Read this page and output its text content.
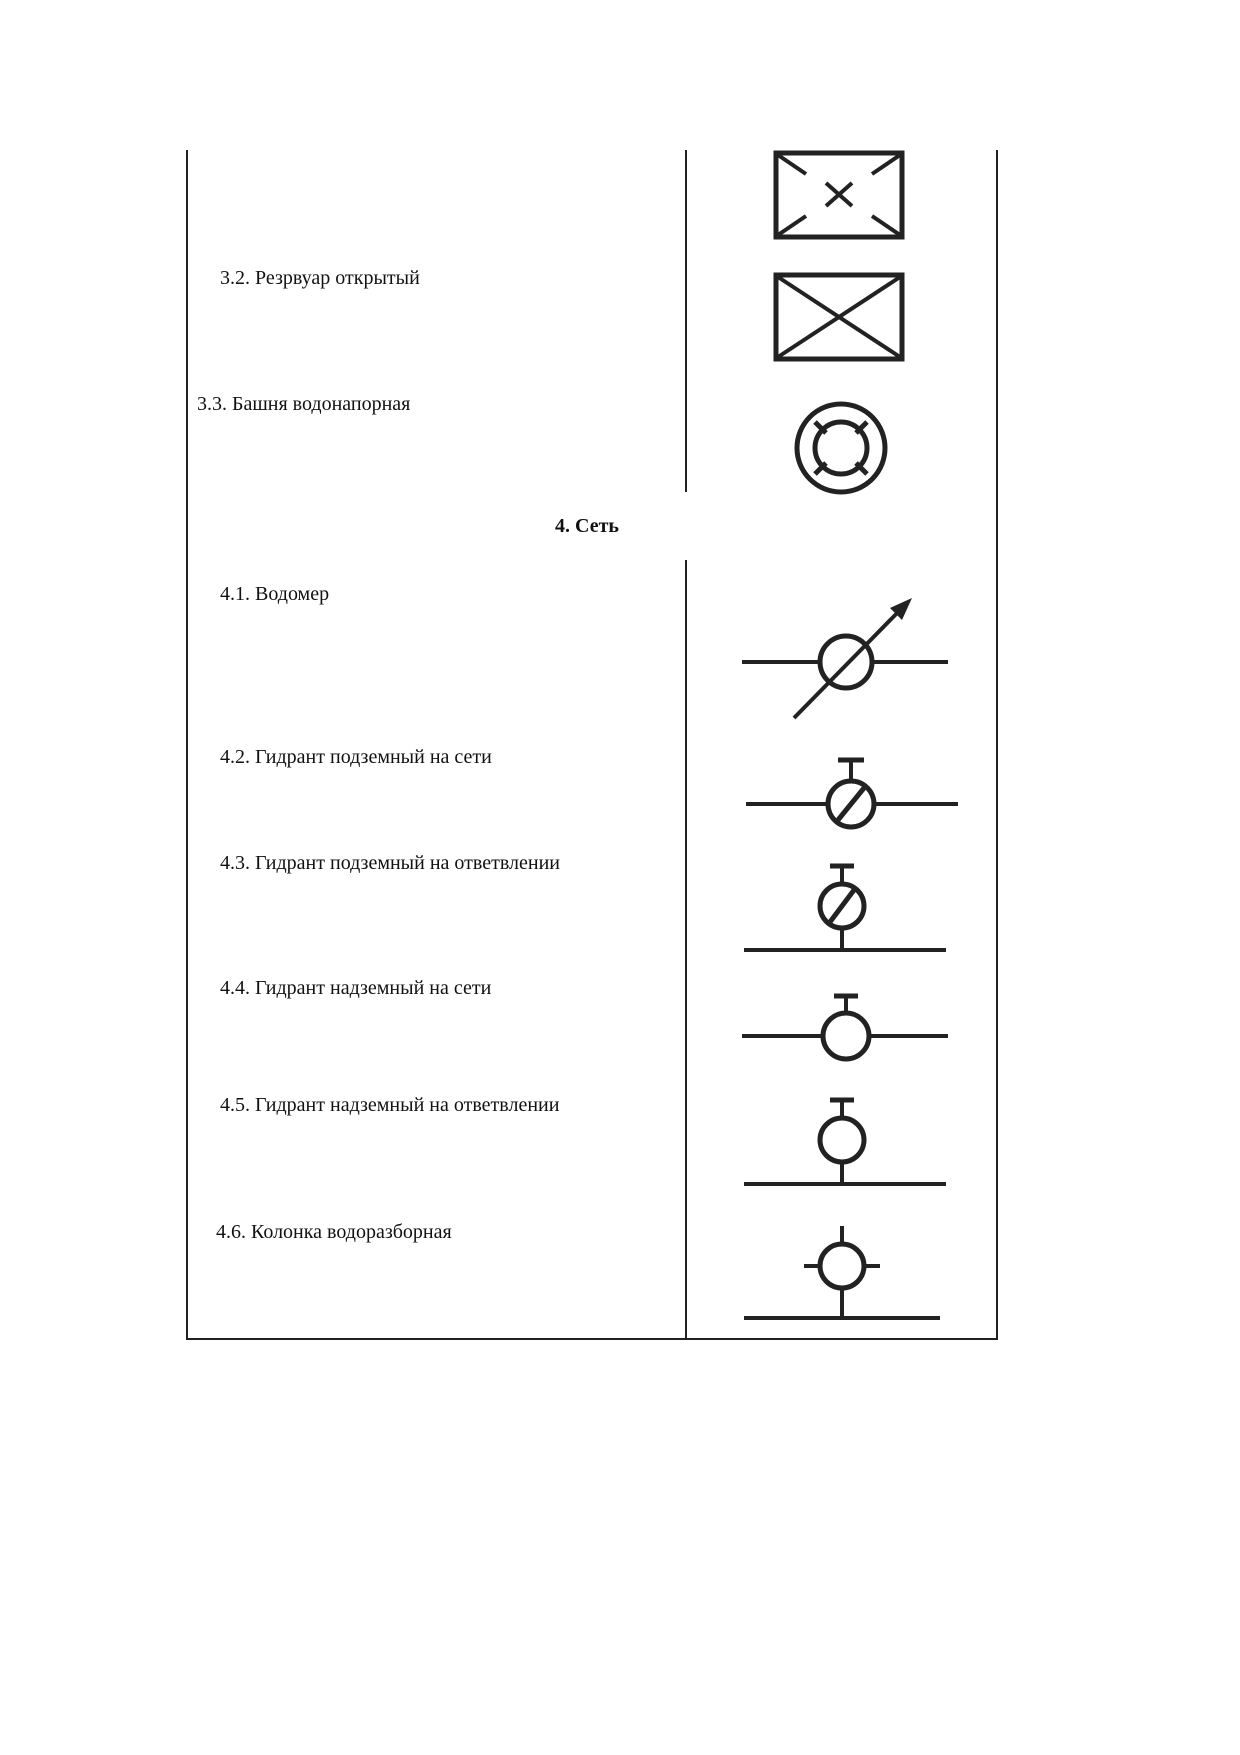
3.2. Резрвуар открытый
3.3. Башня водонапорная
4. Сеть
4.1. Водомер
4.2. Гидрант подземный на сети
4.3. Гидрант подземный на ответвлении
4.4. Гидрант надземный на сети
4.5. Гидрант надземный на ответвлении
4.6. Колонка водоразборная
